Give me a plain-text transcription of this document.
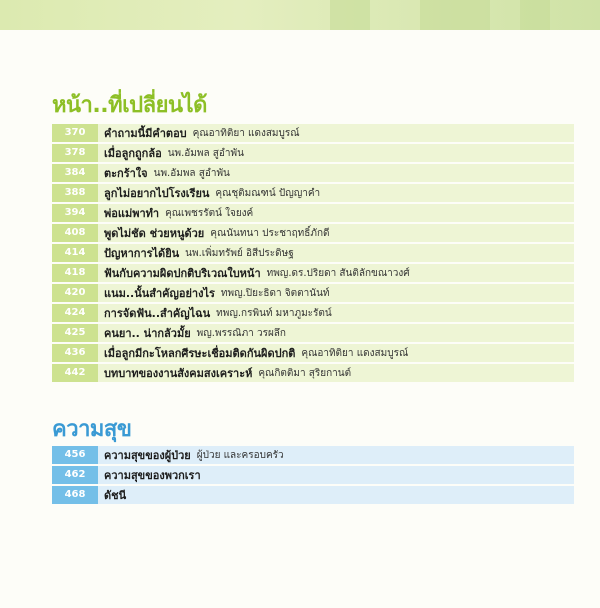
หน้า..ที่เปลี่ยนได้
370	คำถามนี้มีคำตอบ คุณอาทิติยา แดงสมบูรณ์
378	เมื่อลูกถูกล้อ นพ.อัมพล สูอำพัน
384	ตะกร้าใจ นพ.อัมพล สูอำพัน
388	ลูกไม่อยากไปโรงเรียน คุณชุติมณฑน์ ปัญญาคำ
394	พ่อแม่พาทำ คุณเพชรรัตน์ ใจยงค์
408	พูดไม่ชัด ช่วยหนูด้วย คุณนันทนา ประชาฤทธิ์ภักดี
414	ปัญหาการได้ยิน นพ.เพิ่มทรัพย์ อิสีประดิษฐ
418	ฟันกับความผิดปกติบริเวณใบหน้า ทพญ.ดร.ปริยดา สันติลักขณาวงศ์
420	แนม..นั้นสำคัญอย่างไร ทพญ.ปิยะธิดา จิตตานันท์
424	การจัดฟัน..สำคัญไฉน ทพญ.กรพินท์ มหาภูมะรัตน์
425	คนยา.. น่ากลัวมั้ย พญ.พรรณิภา วรผลึก
436	เมื่อลูกมีกะโหลกศีรษะเชื่อมติดกันผิดปกติ คุณอาทิติยา แดงสมบูรณ์
442	บทบาทของงานสังคมสงเคราะห์ คุณกิตติมา สุริยกานต์
ความสุข
456	ความสุขของผู้ป่วย ผู้ป่วย และครอบครัว
462	ความสุขของพวกเรา
468	ดัชนี
